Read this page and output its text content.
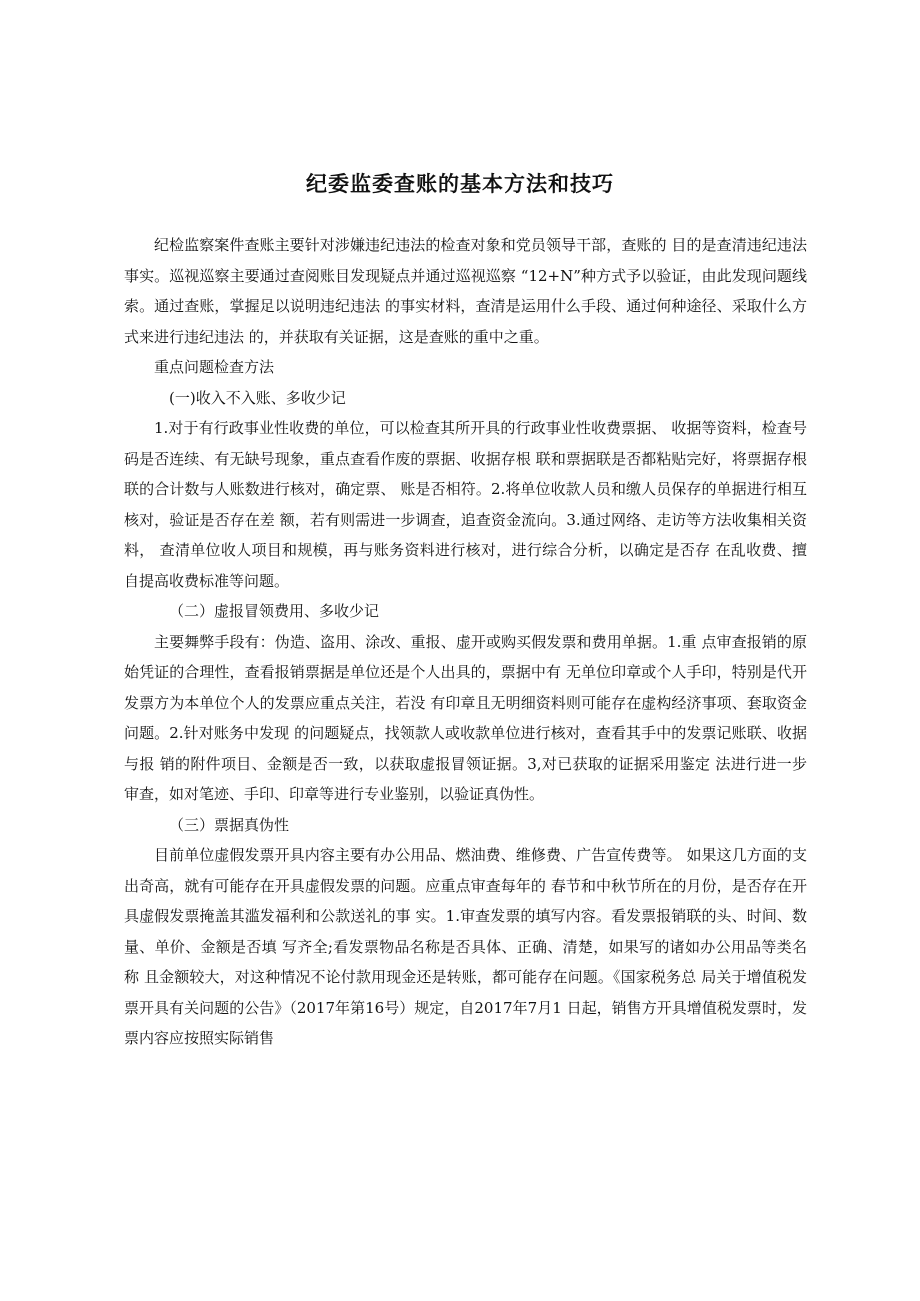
纪委监委查账的基本方法和技巧

纪检监察案件查账主要针对涉嫌违纪违法的检查对象和党员领导干部，查账的 目的是查清违纪违法事实。巡视巡察主要通过查阅账目发现疑点并通过巡视巡察 “12+N”种方式予以验证，由此发现问题线索。通过查账，掌握足以说明违纪违法 的事实材料，查清是运用什么手段、通过何种途径、采取什么方式来进行违纪违法 的，并获取有关证据，这是查账的重中之重。

重点问题检查方法

(一)收入不入账、多收少记

1.对于有行政事业性收费的单位，可以检查其所开具的行政事业性收费票据、 收据等资料，检查号码是否连续、有无缺号现象，重点查看作废的票据、收据存根 联和票据联是否都粘贴完好，将票据存根联的合计数与人账数进行核对，确定票、 账是否相符。2.将单位收款人员和缴人员保存的单据进行相互核对，验证是否存在差 额，若有则需进一步调查，追查资金流向。3.通过网络、走访等方法收集相关资料， 查清单位收人项目和规模，再与账务资料进行核对，进行综合分析，以确定是否存 在乱收费、擅自提高收费标准等问题。

（二）虚报冒领费用、多收少记

主要舞弊手段有：伪造、盗用、涂改、重报、虚开或购买假发票和费用单据。1.重 点审查报销的原始凭证的合理性，查看报销票据是单位还是个人出具的，票据中有 无单位印章或个人手印，特别是代开发票方为本单位个人的发票应重点关注，若没 有印章且无明细资料则可能存在虚构经济事项、套取资金问题。2.针对账务中发现 的问题疑点，找领款人或收款单位进行核对，查看其手中的发票记账联、收据与报 销的附件项目、金额是否一致，以获取虚报冒领证据。3,对已获取的证据采用鉴定 法进行进一步审查，如对笔迹、手印、印章等进行专业鉴别，以验证真伪性。

（三）票据真伪性

目前单位虚假发票开具内容主要有办公用品、燃油费、维修费、广告宣传费等。 如果这几方面的支出奇高，就有可能存在开具虚假发票的问题。应重点审查每年的 春节和中秋节所在的月份，是否存在开具虚假发票掩盖其滥发福利和公款送礼的事 实。1.审查发票的填写内容。看发票报销联的头、时间、数量、单价、金额是否填 写齐全;看发票物品名称是否具体、正确、清楚，如果写的诸如办公用品等类名称 且金额较大，对这种情况不论付款用现金还是转账，都可能存在问题。《国家税务总 局关于增值税发票开具有关问题的公告》（2017年第16号）规定，自2017年7月1 日起，销售方开具增值税发票时，发票内容应按照实际销售
